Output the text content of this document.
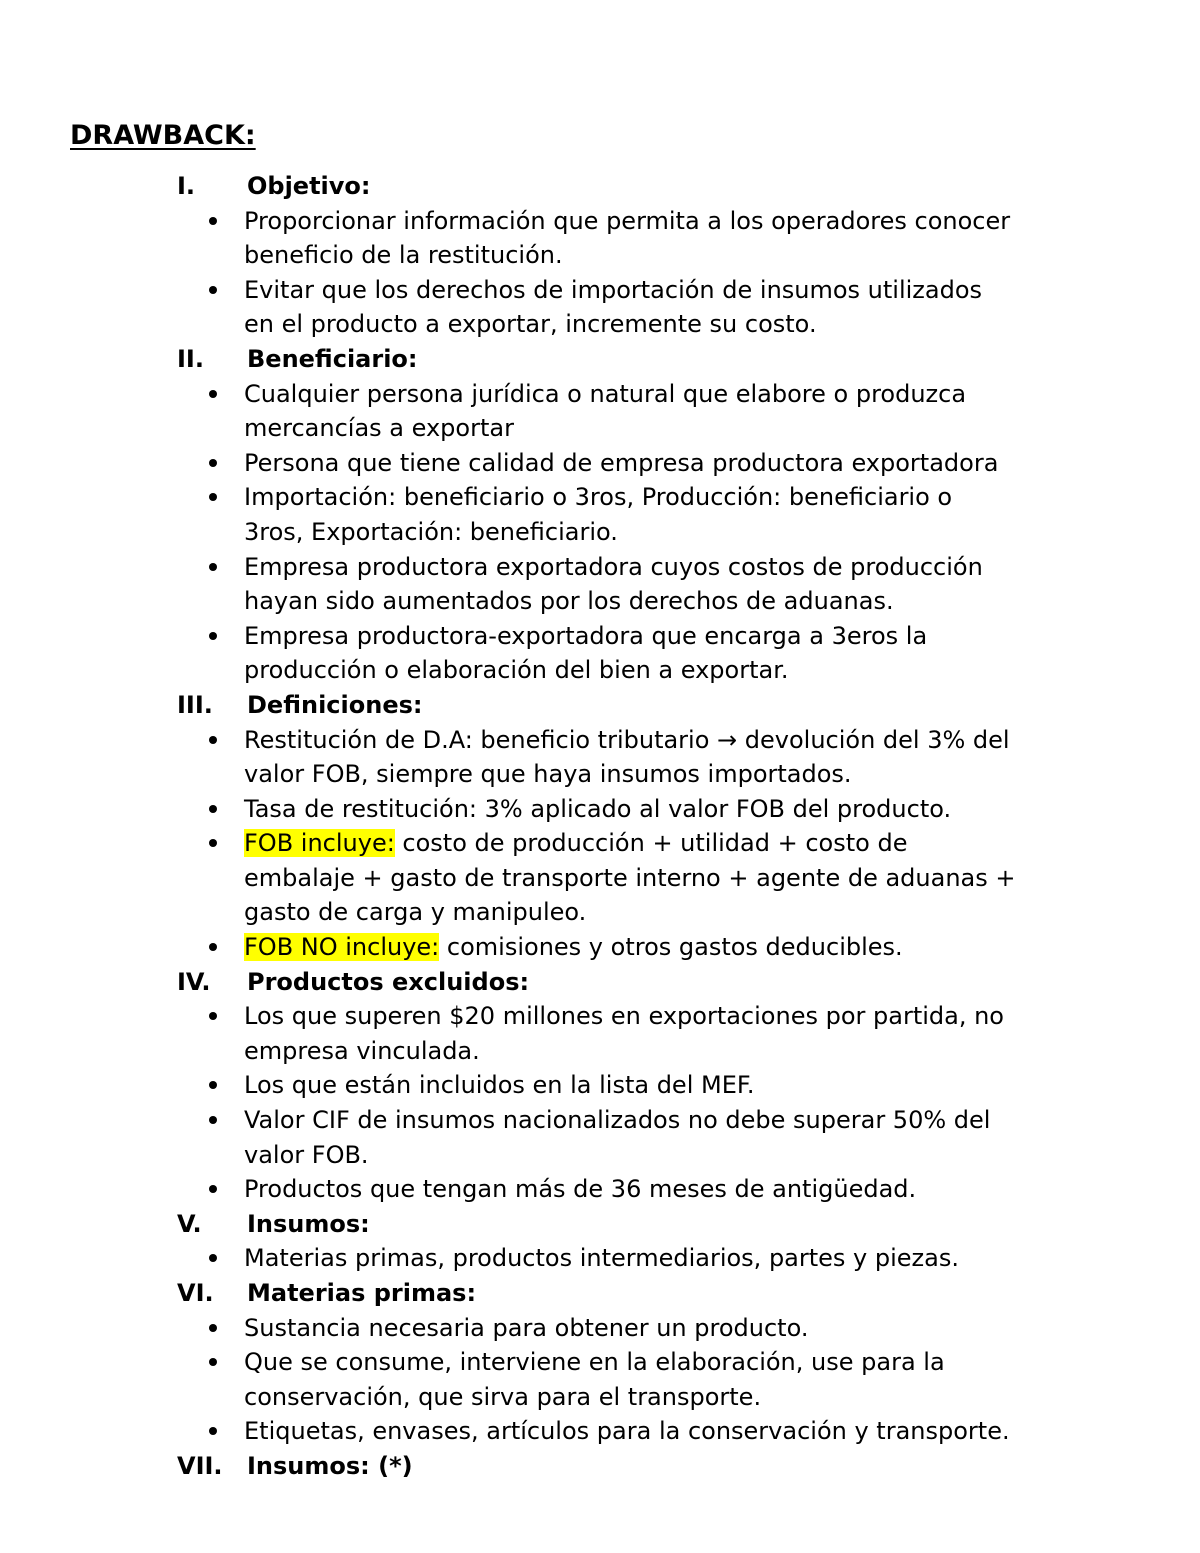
DRAWBACK:
I. Objetivo:
Proporcionar información que permita a los operadores conocer
beneficio de la restitución.
Evitar que los derechos de importación de insumos utilizados
en el producto a exportar, incremente su costo.
II. Beneficiario:
Cualquier persona jurídica o natural que elabore o produzca
mercancías a exportar
Persona que tiene calidad de empresa productora exportadora
Importación: beneficiario o 3ros, Producción: beneficiario o
3ros, Exportación: beneficiario.
Empresa productora exportadora cuyos costos de producción
hayan sido aumentados por los derechos de aduanas.
Empresa productora-exportadora que encarga a 3eros la
producción o elaboración del bien a exportar.
III. Definiciones:
Restitución de D.A: beneficio tributario → devolución del 3% del
valor FOB, siempre que haya insumos importados.
Tasa de restitución: 3% aplicado al valor FOB del producto.
FOB incluye: costo de producción + utilidad + costo de
embalaje + gasto de transporte interno + agente de aduanas +
gasto de carga y manipuleo.
FOB NO incluye: comisiones y otros gastos deducibles.
IV. Productos excluidos:
Los que superen $20 millones en exportaciones por partida, no
empresa vinculada.
Los que están incluidos en la lista del MEF.
Valor CIF de insumos nacionalizados no debe superar 50% del
valor FOB.
Productos que tengan más de 36 meses de antigüedad.
V. Insumos:
Materias primas, productos intermediarios, partes y piezas.
VI. Materias primas:
Sustancia necesaria para obtener un producto.
Que se consume, interviene en la elaboración, use para la
conservación, que sirva para el transporte.
Etiquetas, envases, artículos para la conservación y transporte.
VII. Insumos: (*)
